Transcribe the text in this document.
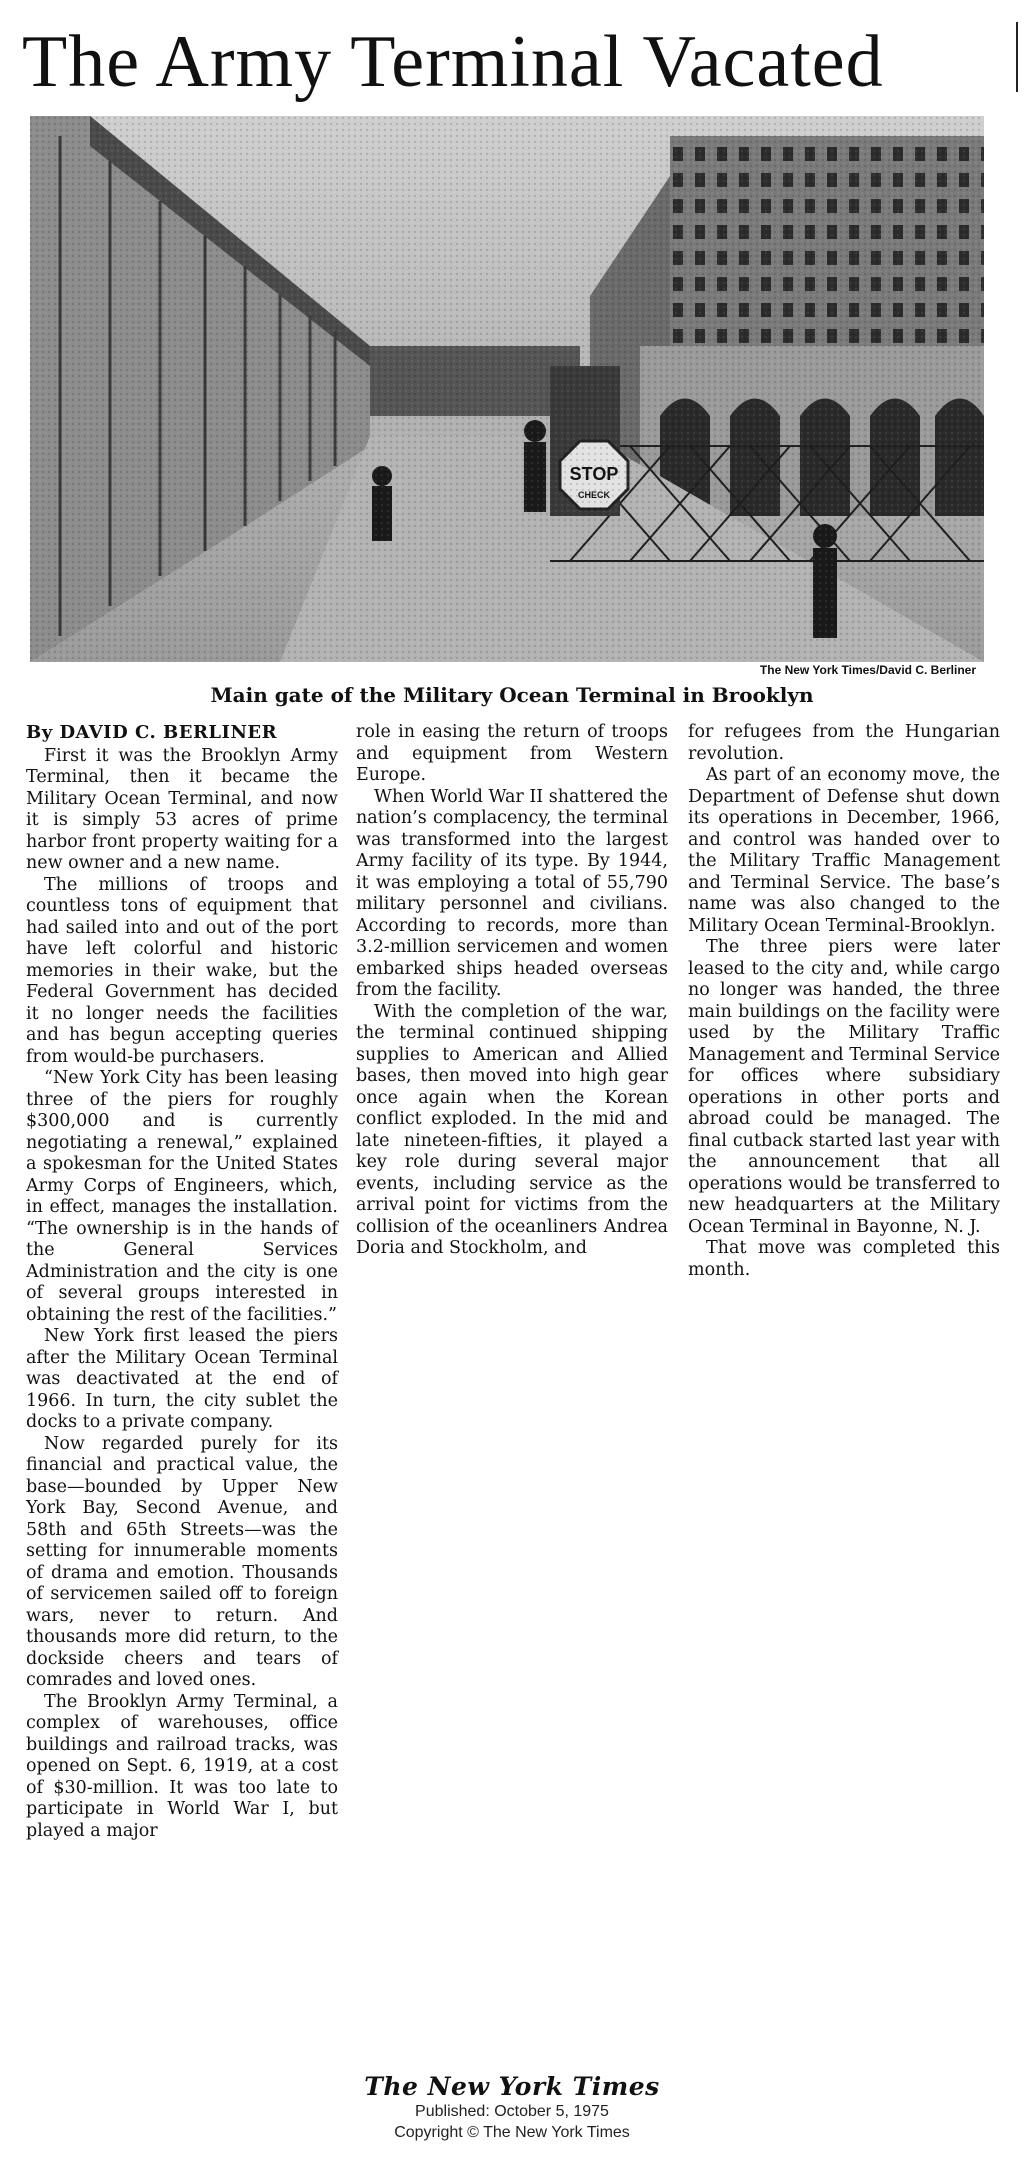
The Army Terminal Vacated
The New York Times/David C. Berliner
Main gate of the Military Ocean Terminal in Brooklyn

By DAVID C. BERLINER

First it was the Brooklyn Army Terminal, then it became the Military Ocean Terminal, and now it is simply 53 acres of prime harbor front property waiting for a new owner and a new name.

The millions of troops and countless tons of equipment that had sailed into and out of the port have left colorful and historic memories in their wake, but the Federal Government has decided it no longer needs the facilities and has begun accepting queries from would-be purchasers.

“New York City has been leasing three of the piers for roughly $300,000 and is currently negotiating a renewal,” explained a spokesman for the United States Army Corps of Engineers, which, in effect, manages the installation. “The ownership is in the hands of the General Services Administration and the city is one of several groups interested in obtaining the rest of the facilities.”

New York first leased the piers after the Military Ocean Terminal was deactivated at the end of 1966. In turn, the city sublet the docks to a private company.

Now regarded purely for its financial and practical value, the base—bounded by Upper New York Bay, Second Avenue, and 58th and 65th Streets—was the setting for innumerable moments of drama and emotion. Thousands of servicemen sailed off to foreign wars, never to return. And thousands more did return, to the dockside cheers and tears of comrades and loved ones.

The Brooklyn Army Terminal, a complex of warehouses, office buildings and railroad tracks, was opened on Sept. 6, 1919, at a cost of $30-million. It was too late to participate in World War I, but played a major

role in easing the return of troops and equipment from Western Europe.

When World War II shattered the nation’s complacency, the terminal was transformed into the largest Army facility of its type. By 1944, it was employing a total of 55,790 military personnel and civilians. According to records, more than 3.2-million servicemen and women embarked ships headed overseas from the facility.

With the completion of the war, the terminal continued shipping supplies to American and Allied bases, then moved into high gear once again when the Korean conflict exploded. In the mid and late nineteen-fifties, it played a key role during several major events, including service as the arrival point for victims from the collision of the oceanliners Andrea Doria and Stockholm, and

for refugees from the Hungarian revolution.

As part of an economy move, the Department of Defense shut down its operations in December, 1966, and control was handed over to the Military Traffic Management and Terminal Service. The base’s name was also changed to the Military Ocean Terminal-Brooklyn.

The three piers were later leased to the city and, while cargo no longer was handed, the three main buildings on the facility were used by the Military Traffic Management and Terminal Service for offices where subsidiary operations in other ports and abroad could be managed. The final cutback started last year with the announcement that all operations would be transferred to new headquarters at the Military Ocean Terminal in Bayonne, N. J.

That move was completed this month.

The New York Times
Published: October 5, 1975
Copyright © The New York Times
